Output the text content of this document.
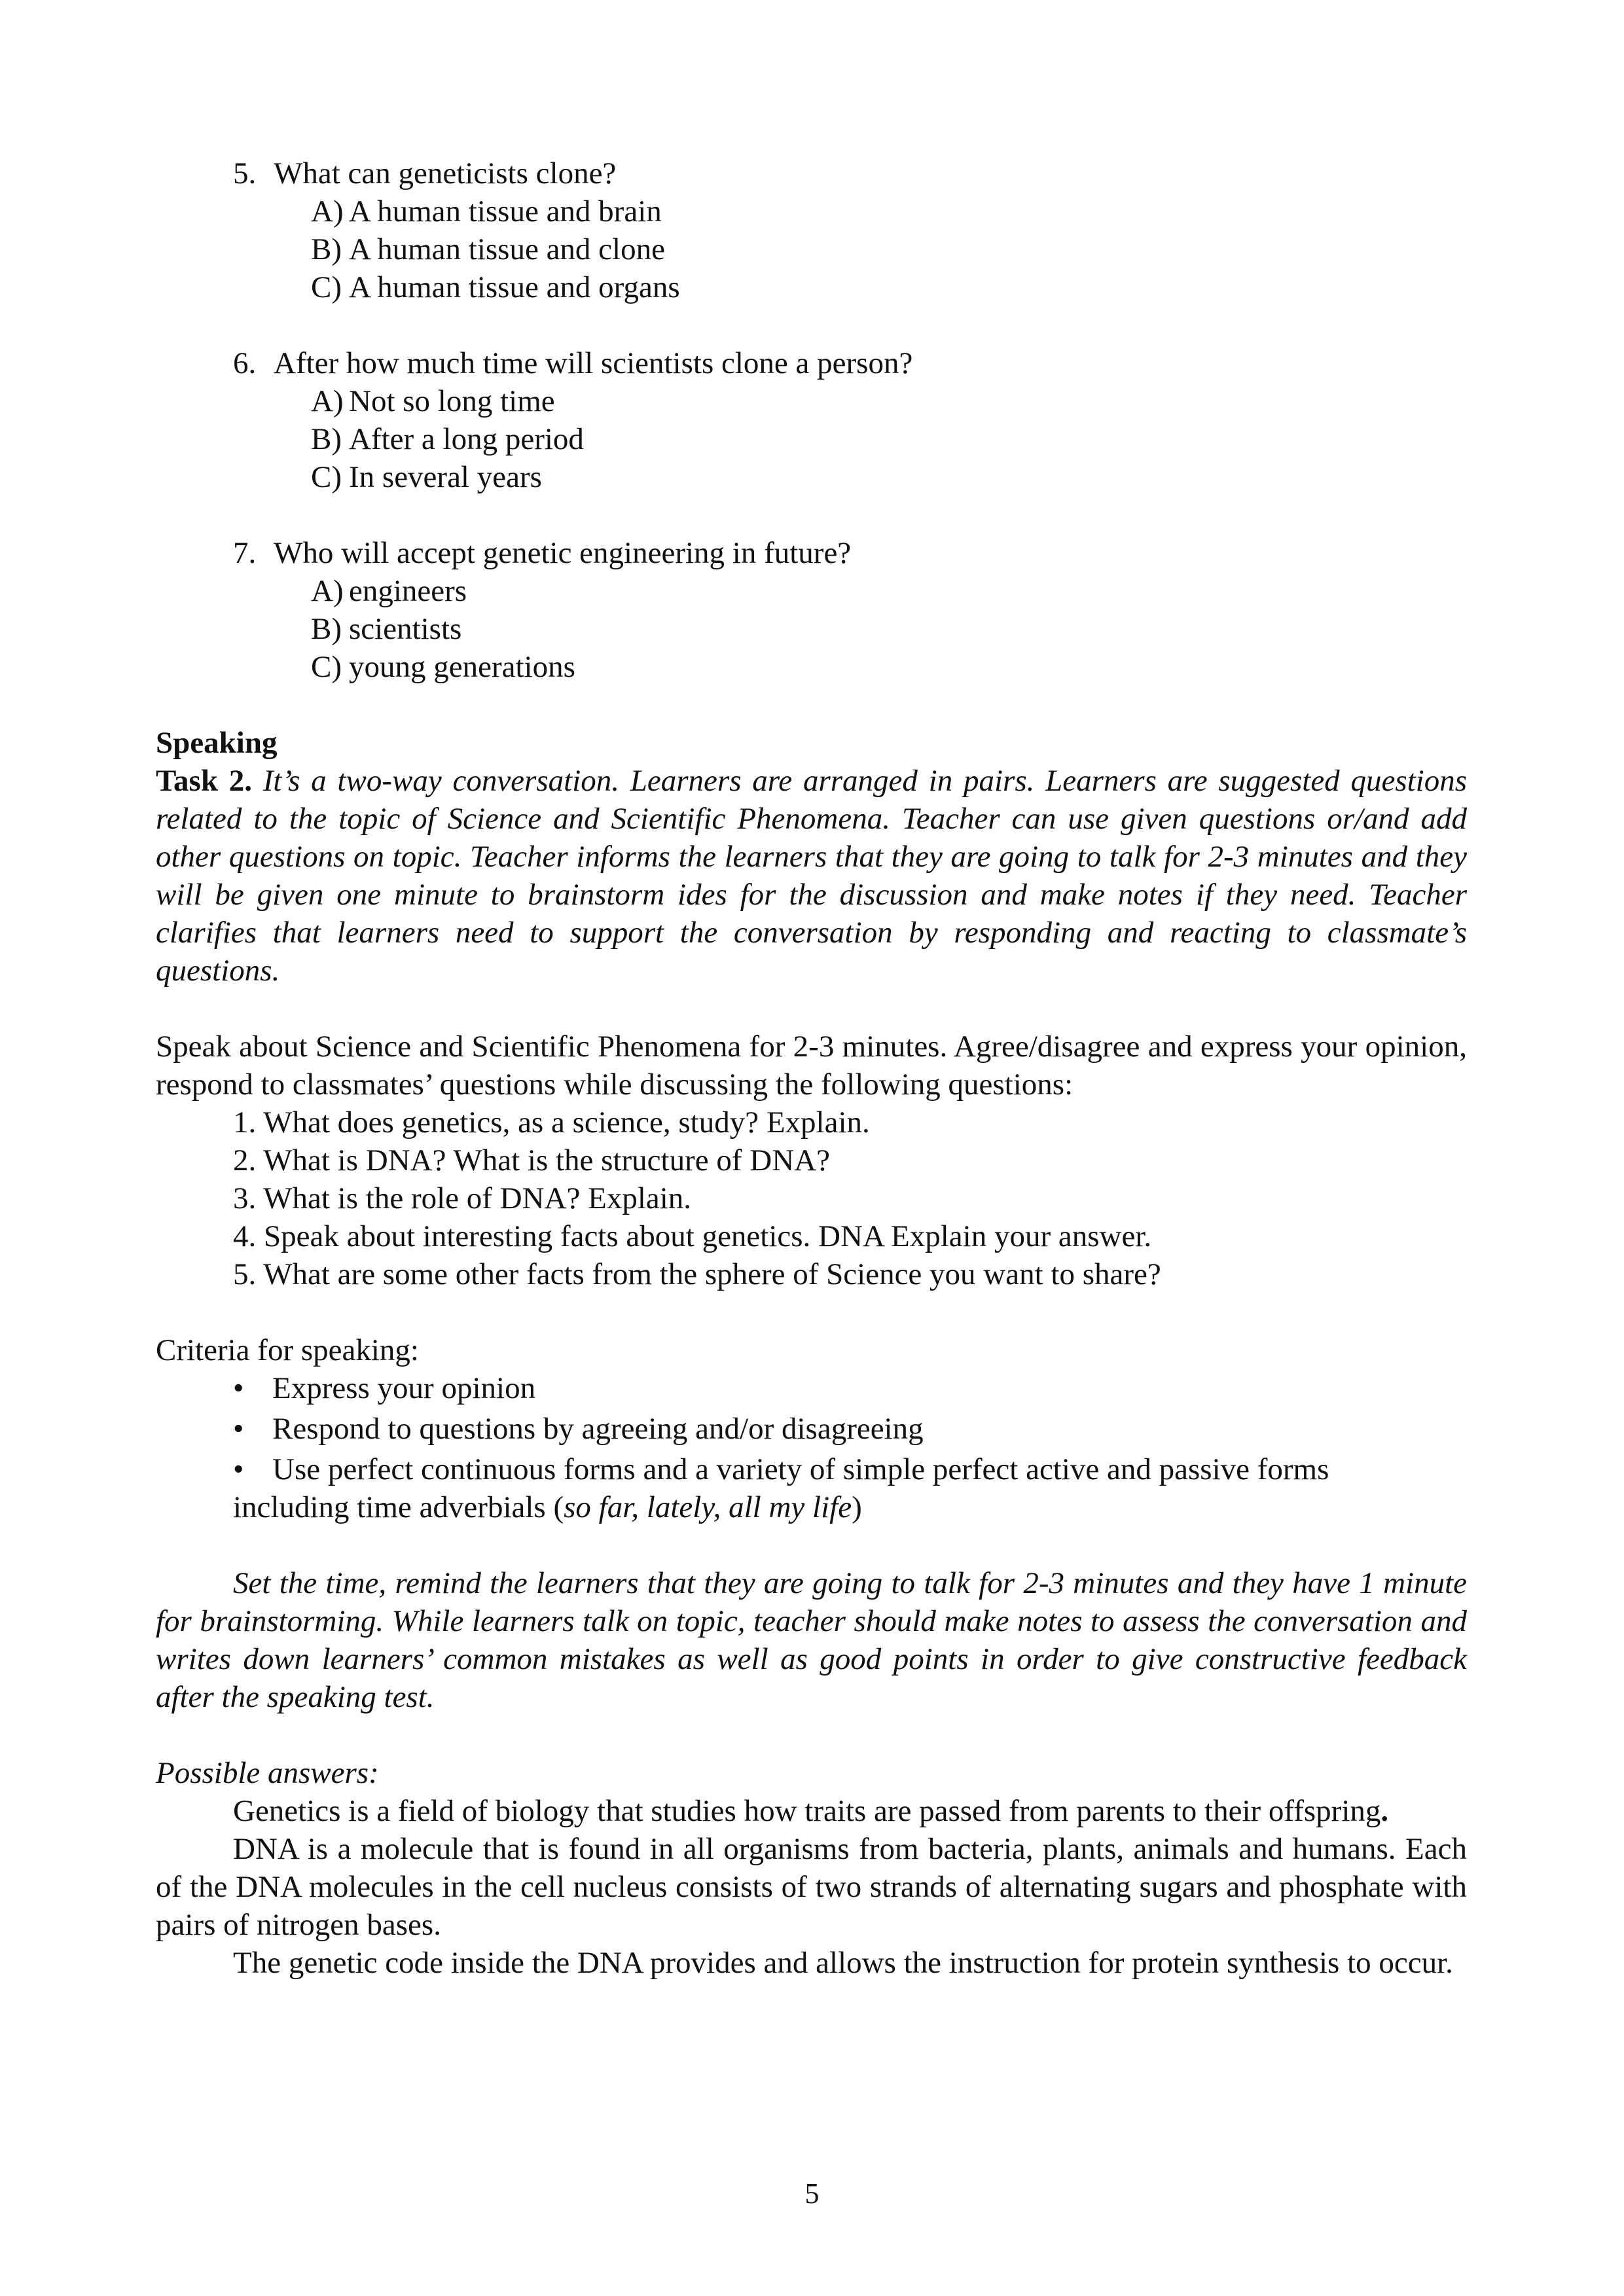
5. What can geneticists clone?
A) A human tissue and brain
B) A human tissue and clone
C) A human tissue and organs
6. After how much time will scientists clone a person?
A) Not so long time
B) After a long period
C) In several years
7. Who will accept genetic engineering in future?
A) engineers
B) scientists
C) young generations
Speaking
Task 2. It’s a two-way conversation. Learners are arranged in pairs. Learners are suggested questions related to the topic of Science and Scientific Phenomena. Teacher can use given questions or/and add other questions on topic. Teacher informs the learners that they are going to talk for 2-3 minutes and they will be given one minute to brainstorm ides for the discussion and make notes if they need. Teacher clarifies that learners need to support the conversation by responding and reacting to classmate’s questions.
Speak about Science and Scientific Phenomena for 2-3 minutes. Agree/disagree and express your opinion, respond to classmates’ questions while discussing the following questions:
1. What does genetics, as a science, study? Explain.
2. What is DNA? What is the structure of DNA?
3. What is the role of DNA? Explain.
4. Speak about interesting facts about genetics. DNA Explain your answer.
5. What are some other facts from the sphere of Science you want to share?
Criteria for speaking:
• Express your opinion
• Respond to questions by agreeing and/or disagreeing
• Use perfect continuous forms and a variety of simple perfect active and passive forms
including time adverbials (so far, lately, all my life)
Set the time, remind the learners that they are going to talk for 2-3 minutes and they have 1 minute for brainstorming. While learners talk on topic, teacher should make notes to assess the conversation and writes down learners’ common mistakes as well as good points in order to give constructive feedback after the speaking test.
Possible answers:
Genetics is a field of biology that studies how traits are passed from parents to their offspring.
DNA is a molecule that is found in all organisms from bacteria, plants, animals and humans. Each of the DNA molecules in the cell nucleus consists of two strands of alternating sugars and phosphate with pairs of nitrogen bases.
The genetic code inside the DNA provides and allows the instruction for protein synthesis to occur.
5
